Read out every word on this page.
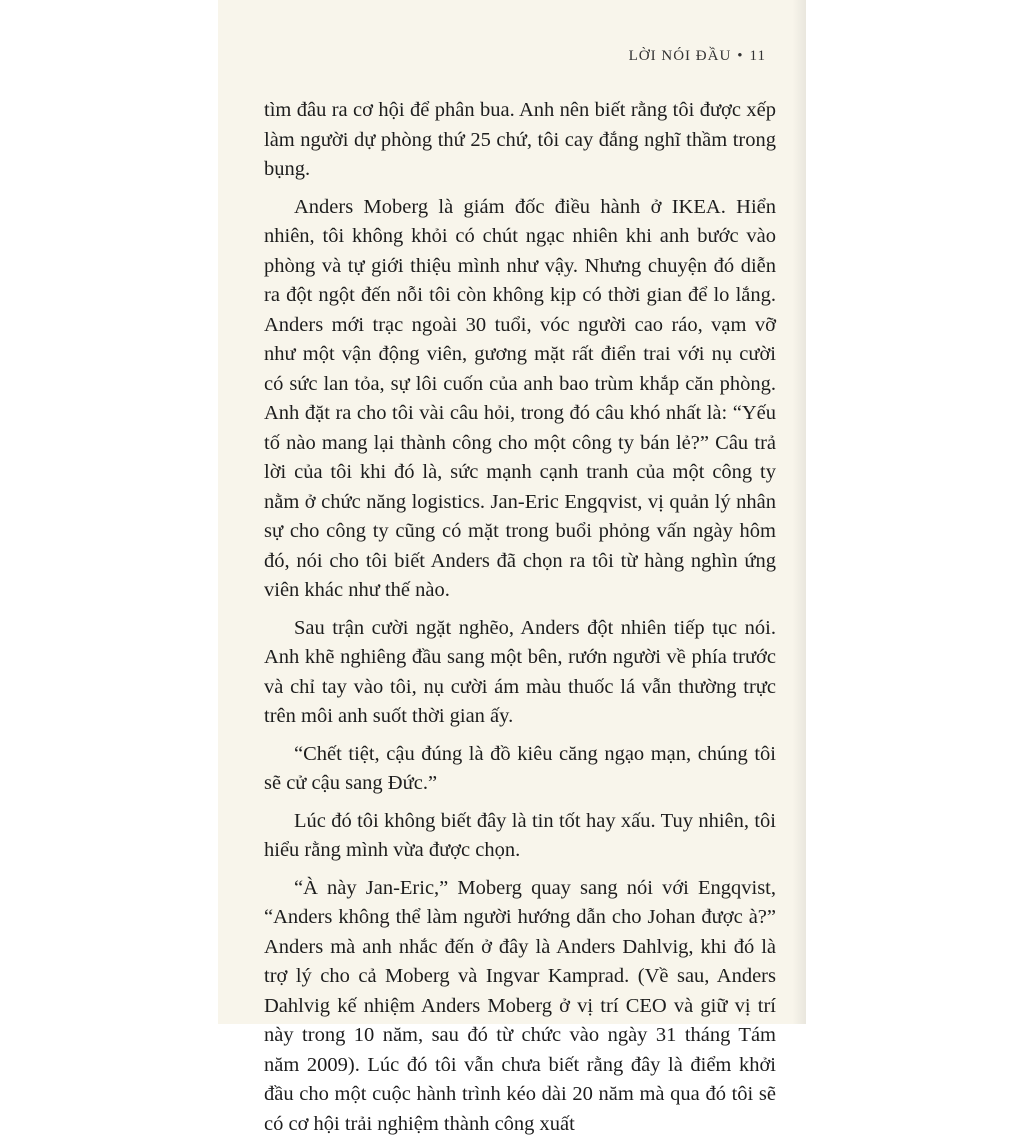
LỜI NÓI ĐẦU • 11

tìm đâu ra cơ hội để phân bua. Anh nên biết rằng tôi được xếp làm người dự phòng thứ 25 chứ, tôi cay đắng nghĩ thầm trong bụng.

Anders Moberg là giám đốc điều hành ở IKEA. Hiển nhiên, tôi không khỏi có chút ngạc nhiên khi anh bước vào phòng và tự giới thiệu mình như vậy. Nhưng chuyện đó diễn ra đột ngột đến nỗi tôi còn không kịp có thời gian để lo lắng. Anders mới trạc ngoài 30 tuổi, vóc người cao ráo, vạm vỡ như một vận động viên, gương mặt rất điển trai với nụ cười có sức lan tỏa, sự lôi cuốn của anh bao trùm khắp căn phòng. Anh đặt ra cho tôi vài câu hỏi, trong đó câu khó nhất là: “Yếu tố nào mang lại thành công cho một công ty bán lẻ?” Câu trả lời của tôi khi đó là, sức mạnh cạnh tranh của một công ty nằm ở chức năng logistics. Jan-Eric Engqvist, vị quản lý nhân sự cho công ty cũng có mặt trong buổi phỏng vấn ngày hôm đó, nói cho tôi biết Anders đã chọn ra tôi từ hàng nghìn ứng viên khác như thế nào.

Sau trận cười ngặt nghẽo, Anders đột nhiên tiếp tục nói. Anh khẽ nghiêng đầu sang một bên, rướn người về phía trước và chỉ tay vào tôi, nụ cười ám màu thuốc lá vẫn thường trực trên môi anh suốt thời gian ấy.

“Chết tiệt, cậu đúng là đồ kiêu căng ngạo mạn, chúng tôi sẽ cử cậu sang Đức.”

Lúc đó tôi không biết đây là tin tốt hay xấu. Tuy nhiên, tôi hiểu rằng mình vừa được chọn.

“À này Jan-Eric,” Moberg quay sang nói với Engqvist, “Anders không thể làm người hướng dẫn cho Johan được à?” Anders mà anh nhắc đến ở đây là Anders Dahlvig, khi đó là trợ lý cho cả Moberg và Ingvar Kamprad. (Về sau, Anders Dahlvig kế nhiệm Anders Moberg ở vị trí CEO và giữ vị trí này trong 10 năm, sau đó từ chức vào ngày 31 tháng Tám năm 2009). Lúc đó tôi vẫn chưa biết rằng đây là điểm khởi đầu cho một cuộc hành trình kéo dài 20 năm mà qua đó tôi sẽ có cơ hội trải nghiệm thành công xuất
